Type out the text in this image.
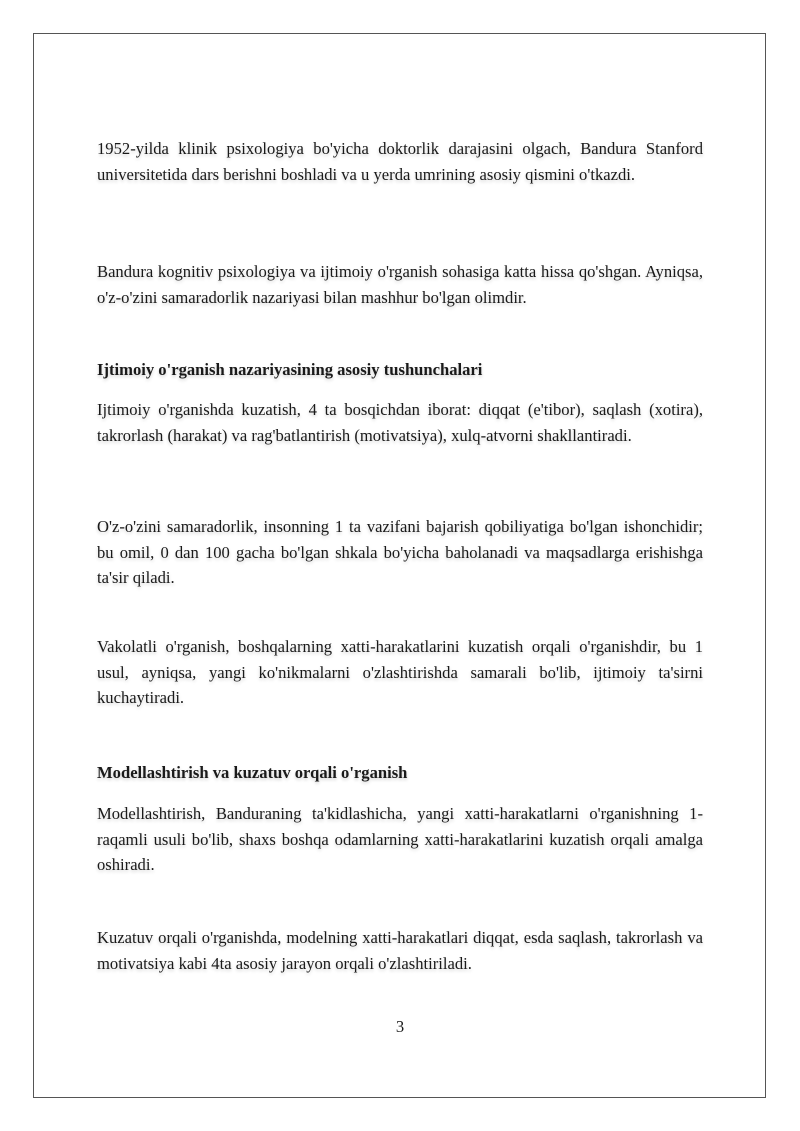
1952-yilda klinik psixologiya bo'yicha doktorlik darajasini olgach, Bandura Stanford universitetida dars berishni boshladi va u yerda umrining asosiy qismini o'tkazdi.

Bandura kognitiv psixologiya va ijtimoiy o'rganish sohasiga katta hissa qo'shgan. Ayniqsa, o'z-o'zini samaradorlik nazariyasi bilan mashhur bo'lgan olimdir.

Ijtimoiy o'rganish nazariyasining asosiy tushunchalari

Ijtimoiy o'rganishda kuzatish, 4 ta bosqichdan iborat: diqqat (e'tibor), saqlash (xotira), takrorlash (harakat) va rag'batlantirish (motivatsiya), xulq-atvorni shakllantiradi.

O'z-o'zini samaradorlik, insonning 1 ta vazifani bajarish qobiliyatiga bo'lgan ishonchidir; bu omil, 0 dan 100 gacha bo'lgan shkala bo'yicha baholanadi va maqsadlarga erishishga ta'sir qiladi.

Vakolatli o'rganish, boshqalarning xatti-harakatlarini kuzatish orqali o'rganishdir, bu 1 usul, ayniqsa, yangi ko'nikmalarni o'zlashtirishda samarali bo'lib, ijtimoiy ta'sirni kuchaytiradi.

Modellashtirish va kuzatuv orqali o'rganish

Modellashtirish, Banduraning ta'kidlashicha, yangi xatti-harakatlarni o'rganishning 1-raqamli usuli bo'lib, shaxs boshqa odamlarning xatti-harakatlarini kuzatish orqali amalga oshiradi.

Kuzatuv orqali o'rganishda, modelning xatti-harakatlari diqqat, esda saqlash, takrorlash va motivatsiya kabi 4ta asosiy jarayon orqali o'zlashtiriladi.

3
